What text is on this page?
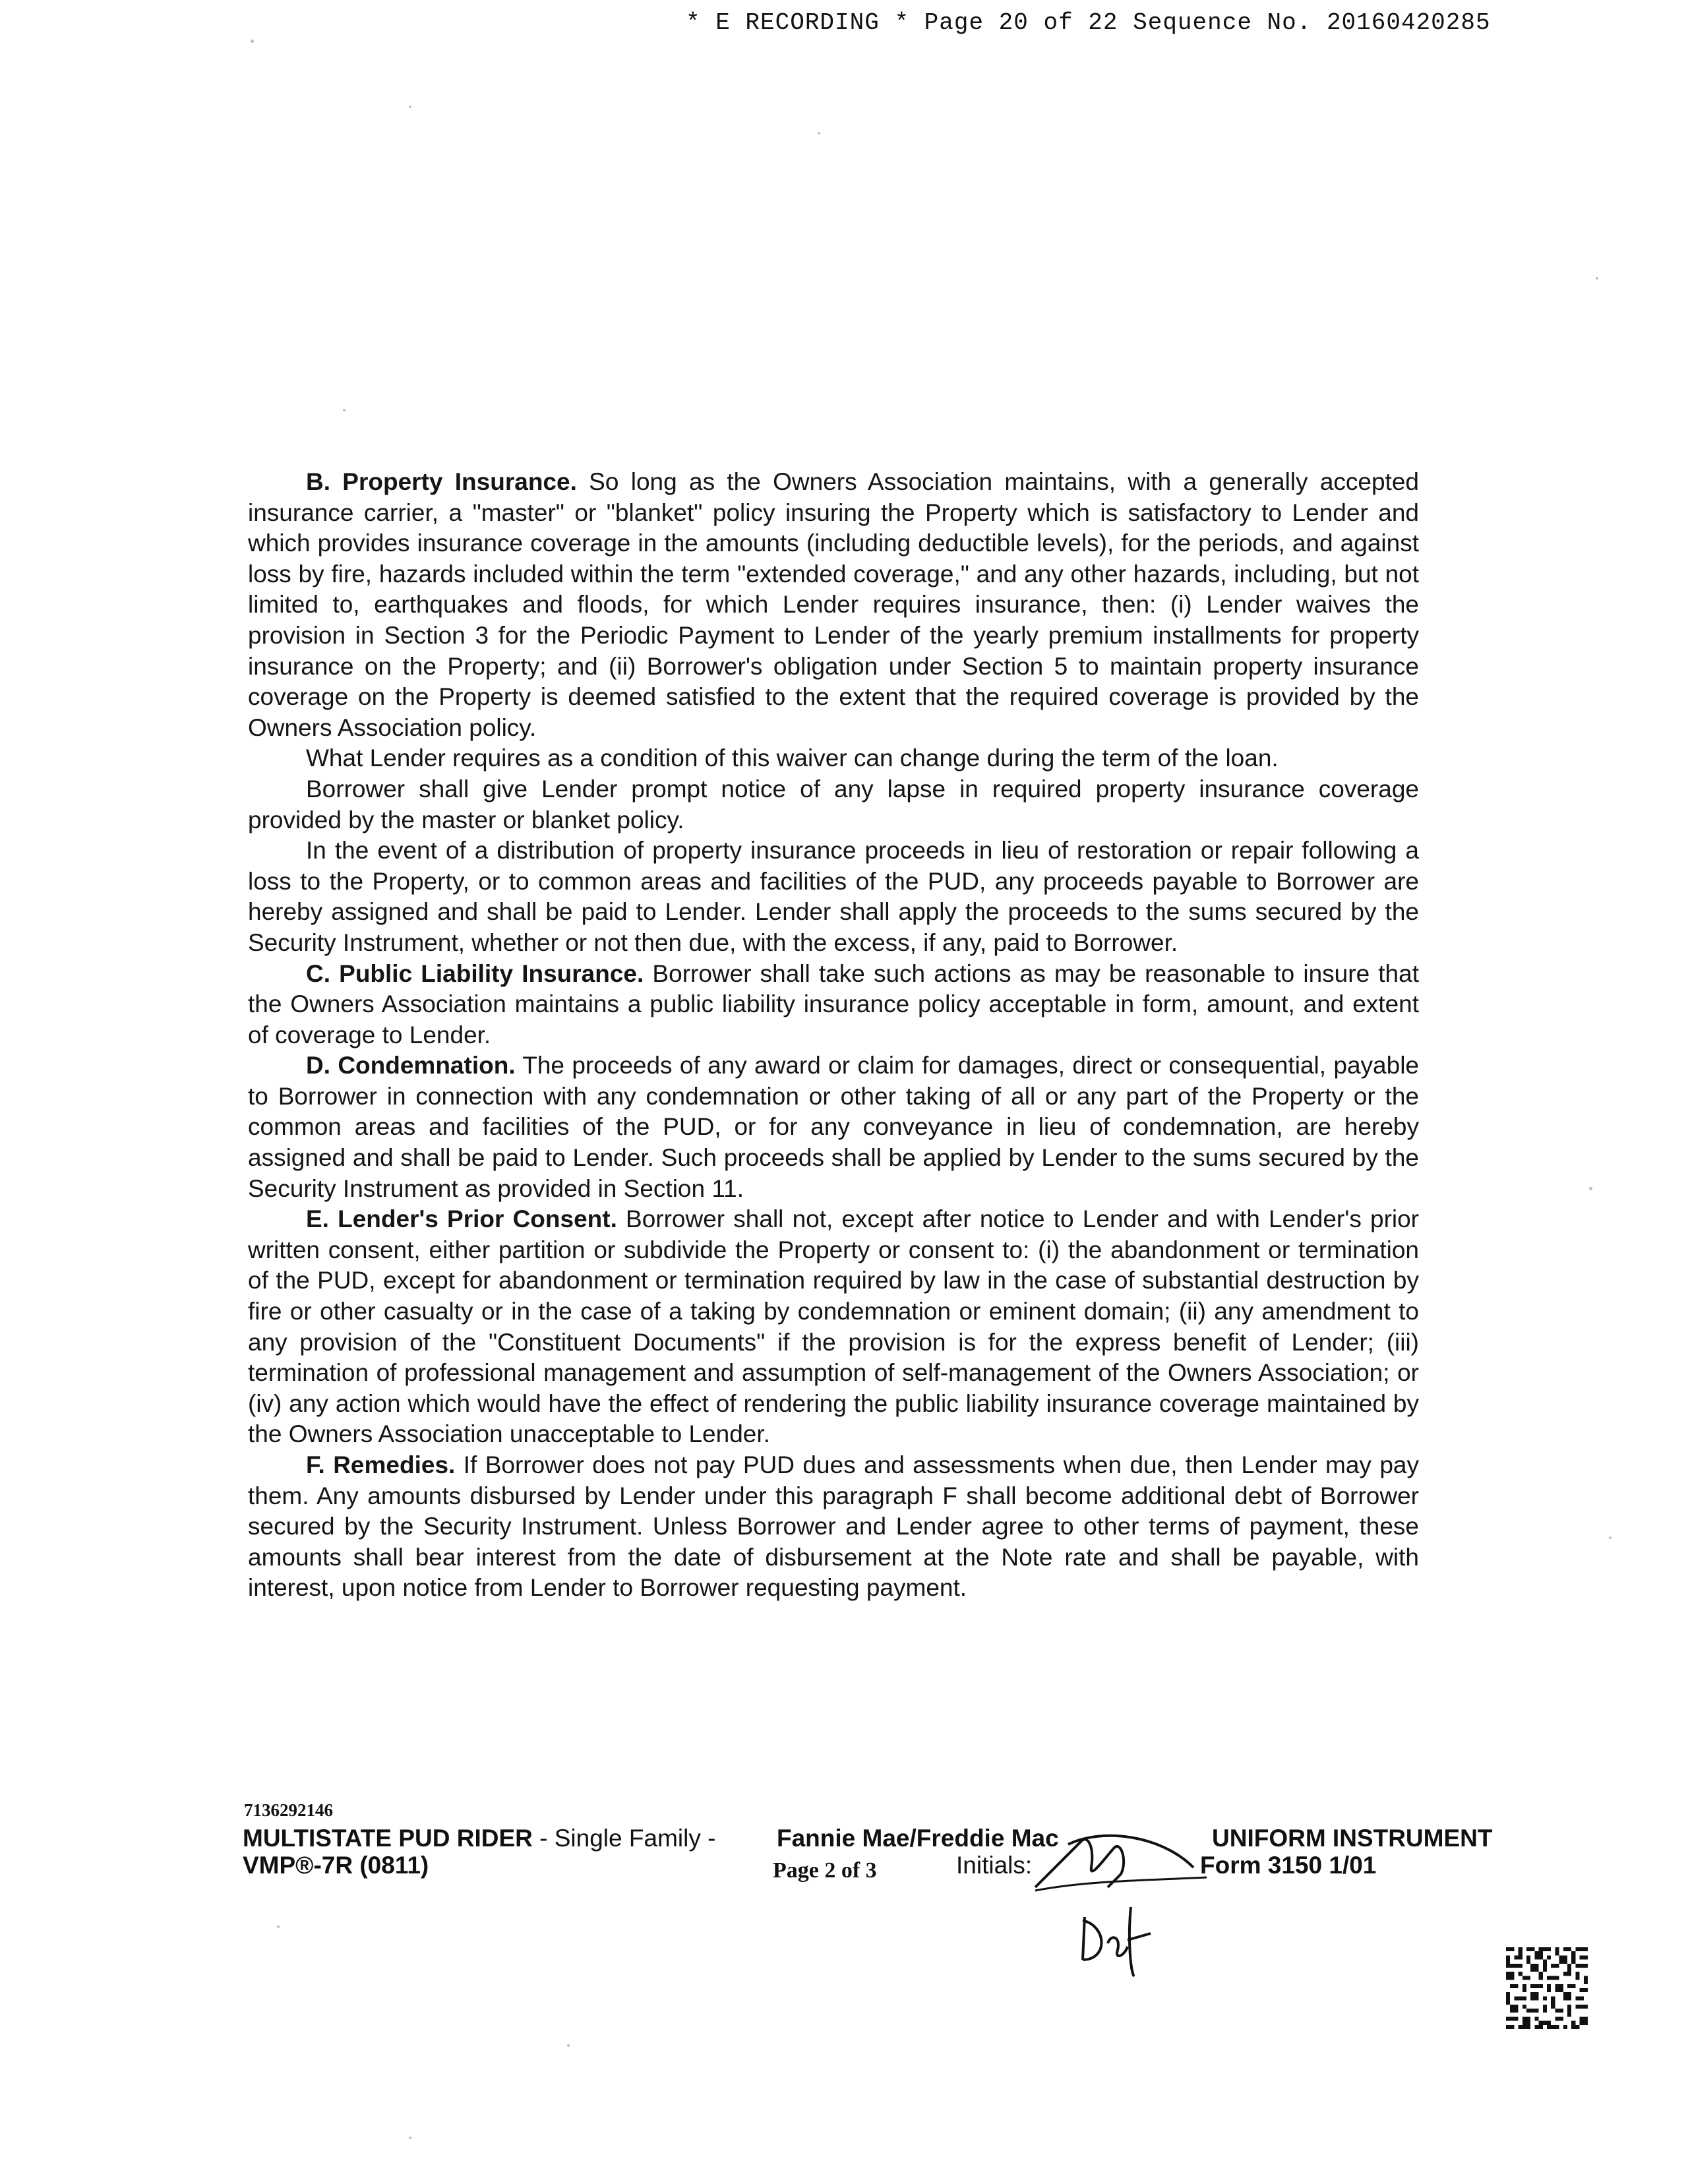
* E RECORDING * Page 20 of 22 Sequence No. 20160420285

B. Property Insurance. So long as the Owners Association maintains, with a generally accepted insurance carrier, a "master" or "blanket" policy insuring the Property which is satisfactory to Lender and which provides insurance coverage in the amounts (including deductible levels), for the periods, and against loss by fire, hazards included within the term "extended coverage," and any other hazards, including, but not limited to, earthquakes and floods, for which Lender requires insurance, then: (i) Lender waives the provision in Section 3 for the Periodic Payment to Lender of the yearly premium installments for property insurance on the Property; and (ii) Borrower's obligation under Section 5 to maintain property insurance coverage on the Property is deemed satisfied to the extent that the required coverage is provided by the Owners Association policy.

What Lender requires as a condition of this waiver can change during the term of the loan.

Borrower shall give Lender prompt notice of any lapse in required property insurance coverage provided by the master or blanket policy.

In the event of a distribution of property insurance proceeds in lieu of restoration or repair following a loss to the Property, or to common areas and facilities of the PUD, any proceeds payable to Borrower are hereby assigned and shall be paid to Lender. Lender shall apply the proceeds to the sums secured by the Security Instrument, whether or not then due, with the excess, if any, paid to Borrower.

C. Public Liability Insurance. Borrower shall take such actions as may be reasonable to insure that the Owners Association maintains a public liability insurance policy acceptable in form, amount, and extent of coverage to Lender.

D. Condemnation. The proceeds of any award or claim for damages, direct or consequential, payable to Borrower in connection with any condemnation or other taking of all or any part of the Property or the common areas and facilities of the PUD, or for any conveyance in lieu of condemnation, are hereby assigned and shall be paid to Lender. Such proceeds shall be applied by Lender to the sums secured by the Security Instrument as provided in Section 11.

E. Lender's Prior Consent. Borrower shall not, except after notice to Lender and with Lender's prior written consent, either partition or subdivide the Property or consent to: (i) the abandonment or termination of the PUD, except for abandonment or termination required by law in the case of substantial destruction by fire or other casualty or in the case of a taking by condemnation or eminent domain; (ii) any amendment to any provision of the "Constituent Documents" if the provision is for the express benefit of Lender; (iii) termination of professional management and assumption of self-management of the Owners Association; or (iv) any action which would have the effect of rendering the public liability insurance coverage maintained by the Owners Association unacceptable to Lender.

F. Remedies. If Borrower does not pay PUD dues and assessments when due, then Lender may pay them. Any amounts disbursed by Lender under this paragraph F shall become additional debt of Borrower secured by the Security Instrument. Unless Borrower and Lender agree to other terms of payment, these amounts shall bear interest from the date of disbursement at the Note rate and shall be payable, with interest, upon notice from Lender to Borrower requesting payment.

7136292146
MULTISTATE PUD RIDER - Single Family -	Fannie Mae/Freddie Mac	UNIFORM INSTRUMENT
VMP®-7R (0811)	Page 2 of 3	Initials:	Form 3150 1/01
